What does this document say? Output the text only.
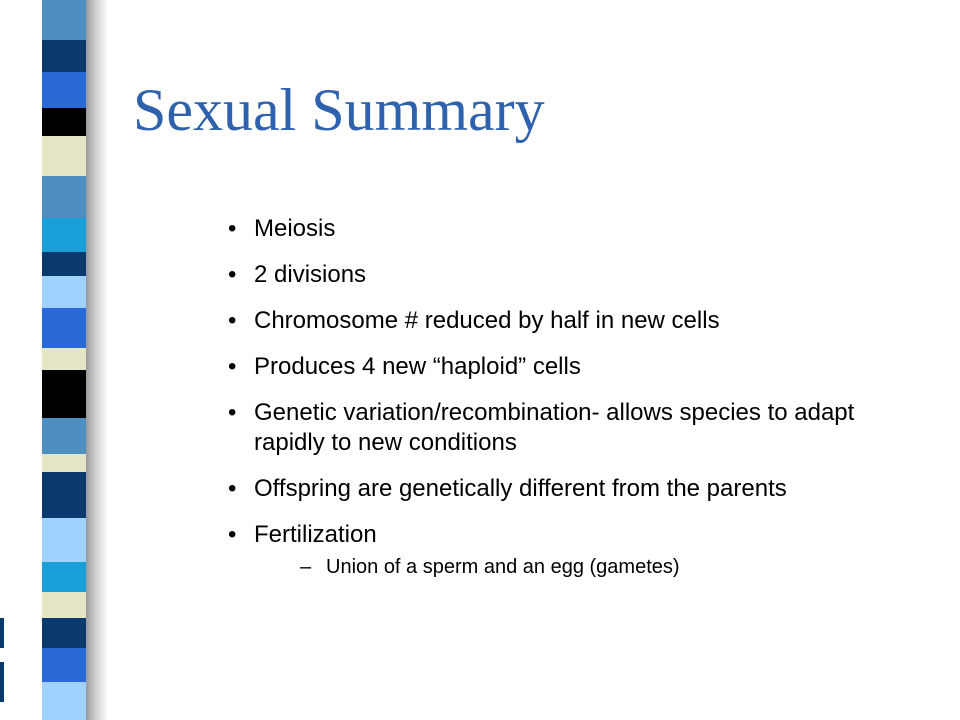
Sexual Summary
• Meiosis
• 2 divisions
• Chromosome # reduced by half in new cells
• Produces 4 new “haploid” cells
• Genetic variation/recombination- allows species to adapt rapidly to new conditions
• Offspring are genetically different from the parents
• Fertilization
– Union of a sperm and an egg (gametes)
